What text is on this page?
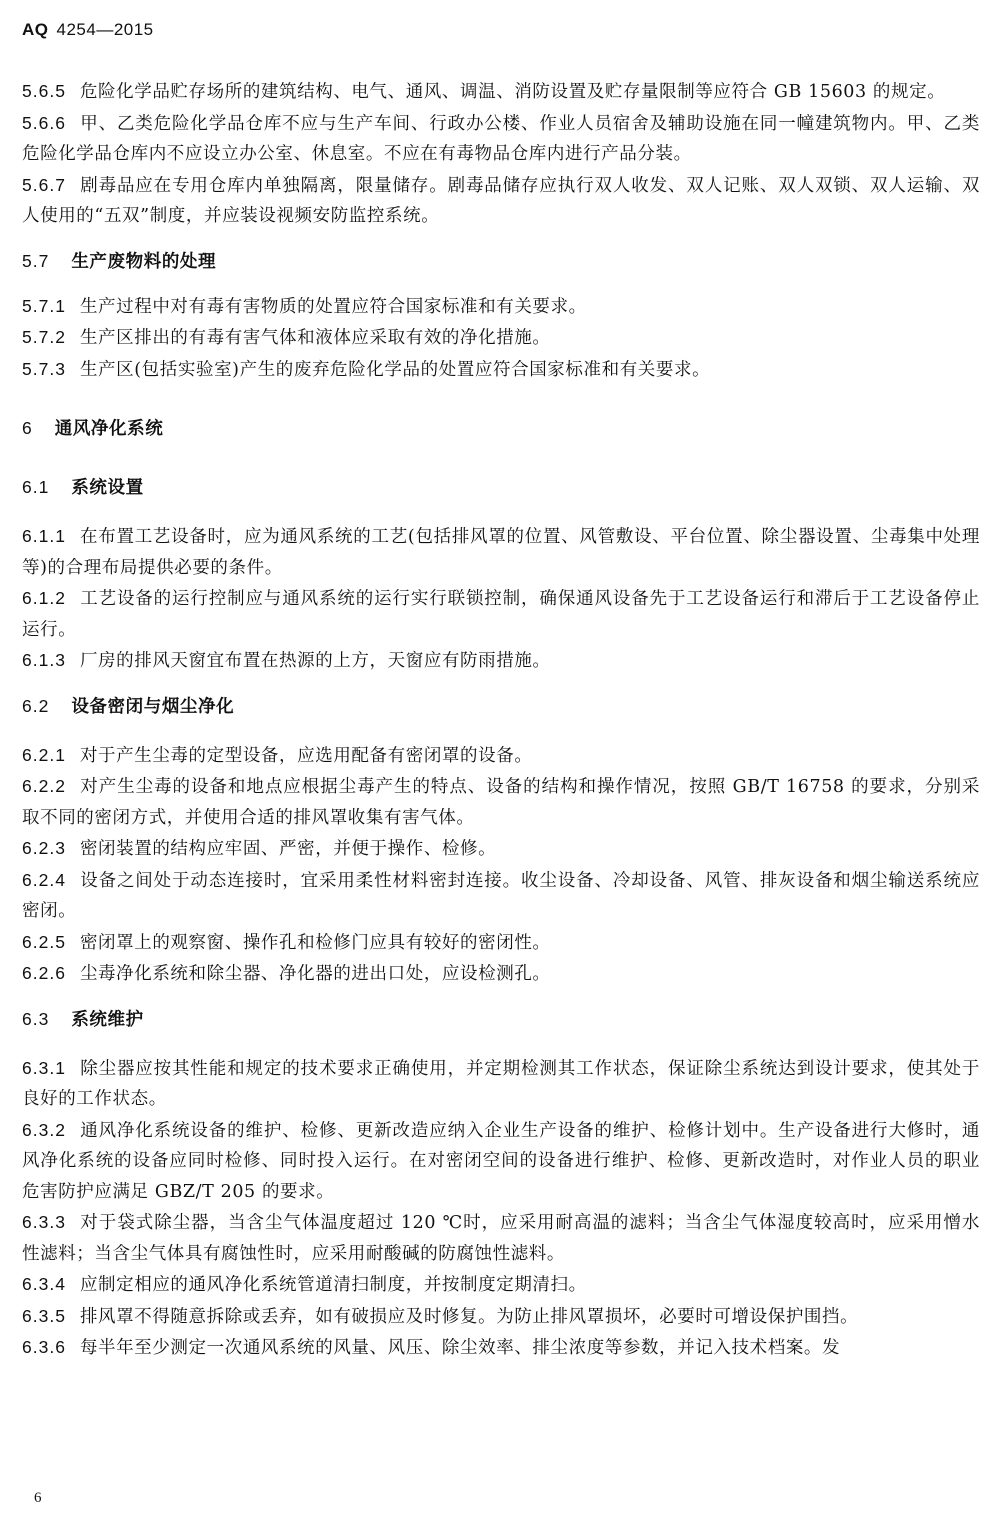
AQ 4254—2015

5.6.5 危险化学品贮存场所的建筑结构、电气、通风、调温、消防设置及贮存量限制等应符合 GB 15603 的规定。

5.6.6 甲、乙类危险化学品仓库不应与生产车间、行政办公楼、作业人员宿舍及辅助设施在同一幢建筑物内。甲、乙类危险化学品仓库内不应设立办公室、休息室。不应在有毒物品仓库内进行产品分装。

5.6.7 剧毒品应在专用仓库内单独隔离，限量储存。剧毒品储存应执行双人收发、双人记账、双人双锁、双人运输、双人使用的“五双”制度，并应装设视频安防监控系统。

5.7 生产废物料的处理

5.7.1 生产过程中对有毒有害物质的处置应符合国家标准和有关要求。

5.7.2 生产区排出的有毒有害气体和液体应采取有效的净化措施。

5.7.3 生产区(包括实验室)产生的废弃危险化学品的处置应符合国家标准和有关要求。

6 通风净化系统

6.1 系统设置

6.1.1 在布置工艺设备时，应为通风系统的工艺(包括排风罩的位置、风管敷设、平台位置、除尘器设置、尘毒集中处理等)的合理布局提供必要的条件。

6.1.2 工艺设备的运行控制应与通风系统的运行实行联锁控制，确保通风设备先于工艺设备运行和滞后于工艺设备停止运行。

6.1.3 厂房的排风天窗宜布置在热源的上方，天窗应有防雨措施。

6.2 设备密闭与烟尘净化

6.2.1 对于产生尘毒的定型设备，应选用配备有密闭罩的设备。

6.2.2 对产生尘毒的设备和地点应根据尘毒产生的特点、设备的结构和操作情况，按照 GB/T 16758 的要求，分别采取不同的密闭方式，并使用合适的排风罩收集有害气体。

6.2.3 密闭装置的结构应牢固、严密，并便于操作、检修。

6.2.4 设备之间处于动态连接时，宜采用柔性材料密封连接。收尘设备、冷却设备、风管、排灰设备和烟尘输送系统应密闭。

6.2.5 密闭罩上的观察窗、操作孔和检修门应具有较好的密闭性。

6.2.6 尘毒净化系统和除尘器、净化器的进出口处，应设检测孔。

6.3 系统维护

6.3.1 除尘器应按其性能和规定的技术要求正确使用，并定期检测其工作状态，保证除尘系统达到设计要求，使其处于良好的工作状态。

6.3.2 通风净化系统设备的维护、检修、更新改造应纳入企业生产设备的维护、检修计划中。生产设备进行大修时，通风净化系统的设备应同时检修、同时投入运行。在对密闭空间的设备进行维护、检修、更新改造时，对作业人员的职业危害防护应满足 GBZ/T 205 的要求。

6.3.3 对于袋式除尘器，当含尘气体温度超过 120 ℃时，应采用耐高温的滤料；当含尘气体湿度较高时，应采用憎水性滤料；当含尘气体具有腐蚀性时，应采用耐酸碱的防腐蚀性滤料。

6.3.4 应制定相应的通风净化系统管道清扫制度，并按制度定期清扫。

6.3.5 排风罩不得随意拆除或丢弃，如有破损应及时修复。为防止排风罩损坏，必要时可增设保护围挡。

6.3.6 每半年至少测定一次通风系统的风量、风压、除尘效率、排尘浓度等参数，并记入技术档案。发

6
